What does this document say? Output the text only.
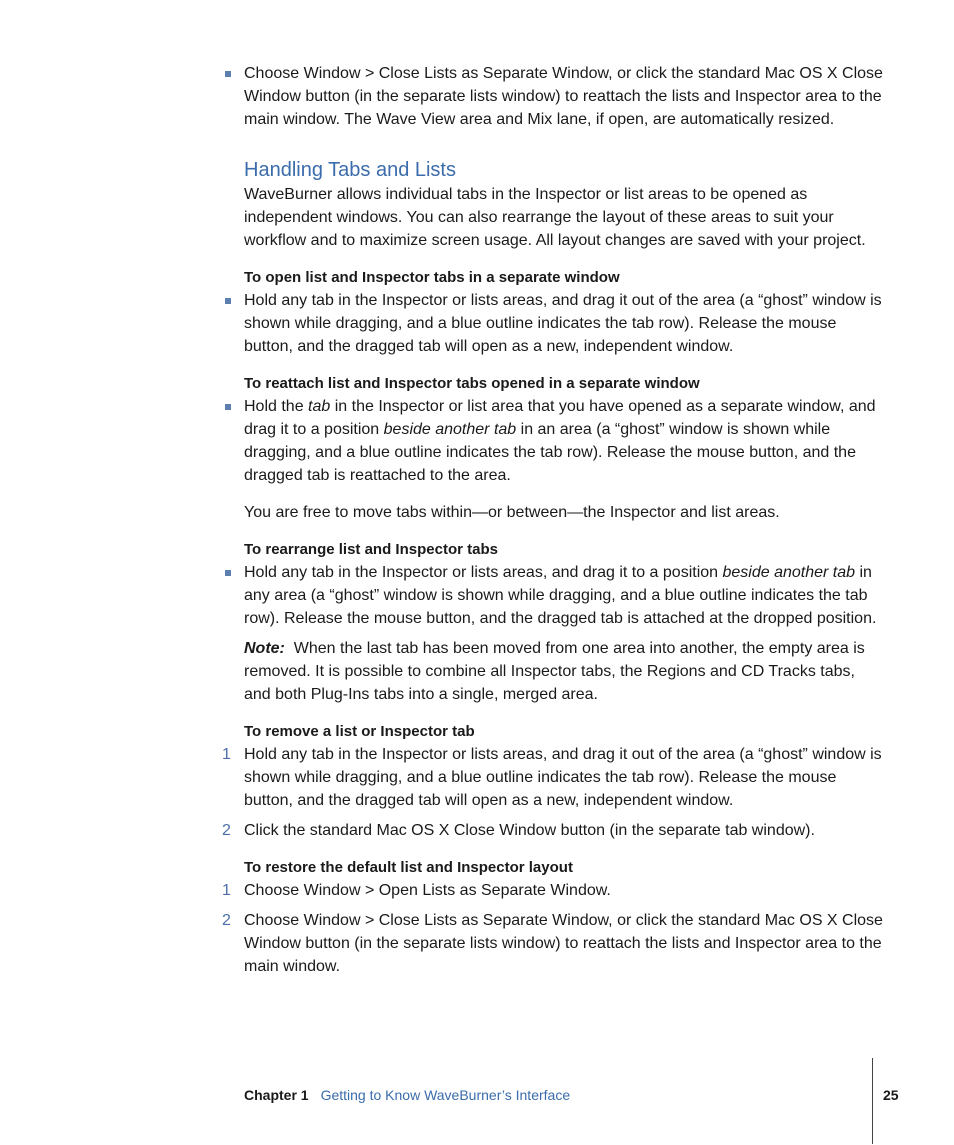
Choose Window > Close Lists as Separate Window, or click the standard Mac OS X Close Window button (in the separate lists window) to reattach the lists and Inspector area to the main window. The Wave View area and Mix lane, if open, are automatically resized.

Handling Tabs and Lists

WaveBurner allows individual tabs in the Inspector or list areas to be opened as independent windows. You can also rearrange the layout of these areas to suit your workflow and to maximize screen usage. All layout changes are saved with your project.

To open list and Inspector tabs in a separate window

Hold any tab in the Inspector or lists areas, and drag it out of the area (a “ghost” window is shown while dragging, and a blue outline indicates the tab row). Release the mouse button, and the dragged tab will open as a new, independent window.

To reattach list and Inspector tabs opened in a separate window

Hold the tab in the Inspector or list area that you have opened as a separate window, and drag it to a position beside another tab in an area (a “ghost” window is shown while dragging, and a blue outline indicates the tab row). Release the mouse button, and the dragged tab is reattached to the area.

You are free to move tabs within—or between—the Inspector and list areas.

To rearrange list and Inspector tabs

Hold any tab in the Inspector or lists areas, and drag it to a position beside another tab in any area (a “ghost” window is shown while dragging, and a blue outline indicates the tab row). Release the mouse button, and the dragged tab is attached at the dropped position.

Note: When the last tab has been moved from one area into another, the empty area is removed. It is possible to combine all Inspector tabs, the Regions and CD Tracks tabs, and both Plug-Ins tabs into a single, merged area.

To remove a list or Inspector tab

1 Hold any tab in the Inspector or lists areas, and drag it out of the area (a “ghost” window is shown while dragging, and a blue outline indicates the tab row). Release the mouse button, and the dragged tab will open as a new, independent window.

2 Click the standard Mac OS X Close Window button (in the separate tab window).

To restore the default list and Inspector layout

1 Choose Window > Open Lists as Separate Window.

2 Choose Window > Close Lists as Separate Window, or click the standard Mac OS X Close Window button (in the separate lists window) to reattach the lists and Inspector area to the main window.

Chapter 1 Getting to Know WaveBurner’s Interface	25
